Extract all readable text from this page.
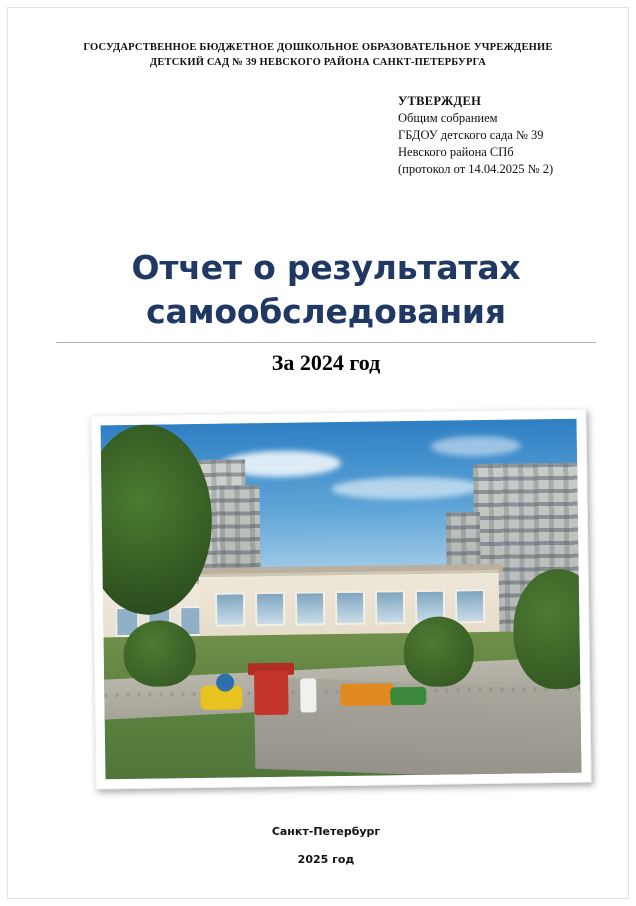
ГОСУДАРСТВЕННОЕ БЮДЖЕТНОЕ ДОШКОЛЬНОЕ ОБРАЗОВАТЕЛЬНОЕ УЧРЕЖДЕНИЕ
ДЕТСКИЙ САД № 39 НЕВСКОГО РАЙОНА САНКТ-ПЕТЕРБУРГА
УТВЕРЖДЕН
Общим собранием
ГБДОУ детского сада № 39
Невского района СПб
(протокол от 14.04.2025 № 2)
Отчет о результатах
самообследования
За 2024 год
Санкт-Петербург
2025 год
